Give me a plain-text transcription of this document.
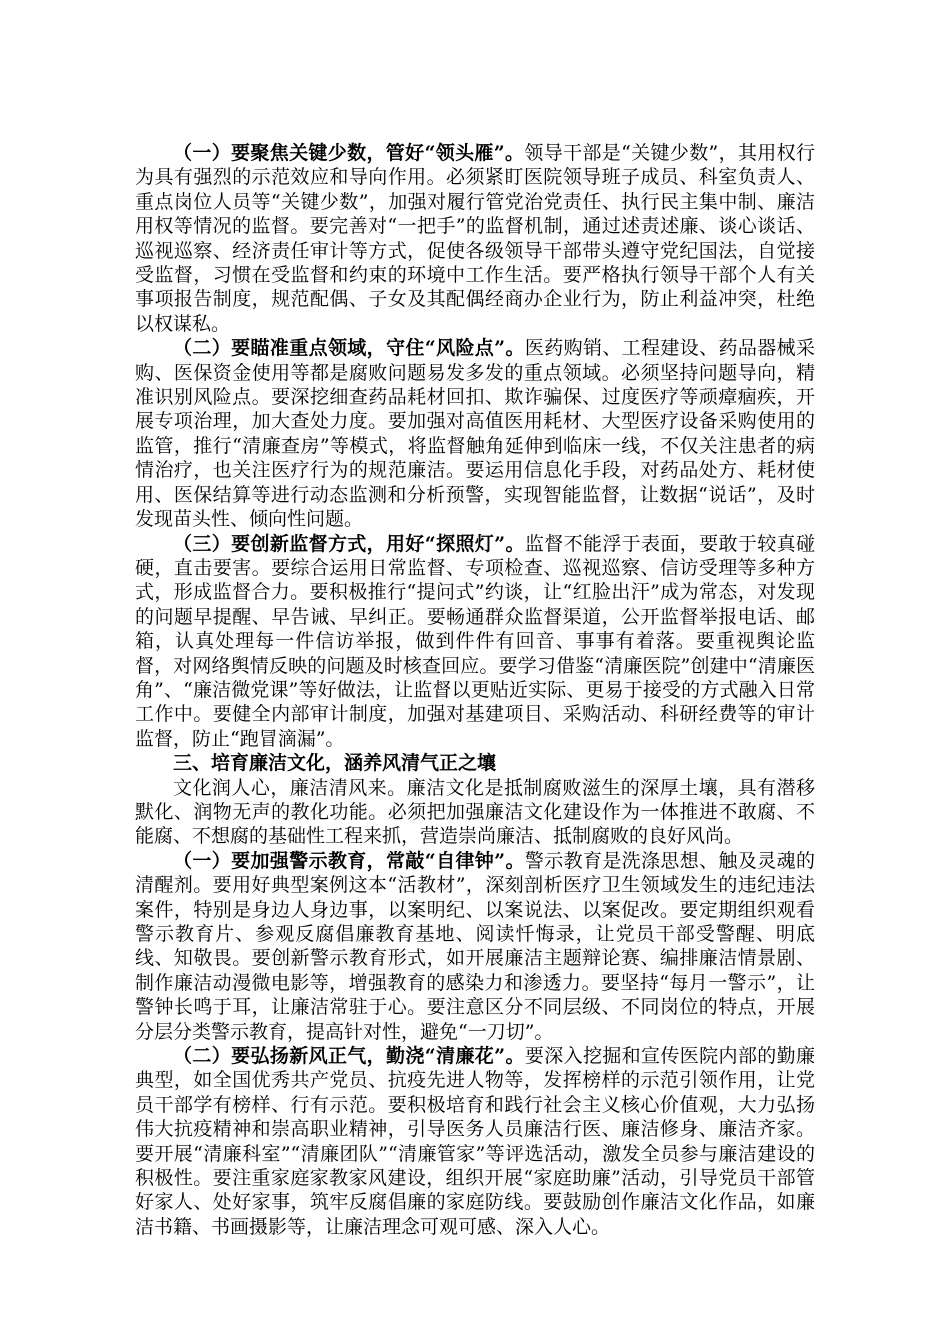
（一）要聚焦关键少数，管好“领头雁”。领导干部是“关键少数”，其用权行为具有强烈的示范效应和导向作用。必须紧盯医院领导班子成员、科室负责人、重点岗位人员等“关键少数”，加强对履行管党治党责任、执行民主集中制、廉洁用权等情况的监督。要完善对“一把手”的监督机制，通过述责述廉、谈心谈话、巡视巡察、经济责任审计等方式，促使各级领导干部带头遵守党纪国法，自觉接受监督，习惯在受监督和约束的环境中工作生活。要严格执行领导干部个人有关事项报告制度，规范配偶、子女及其配偶经商办企业行为，防止利益冲突，杜绝以权谋私。

（二）要瞄准重点领域，守住“风险点”。医药购销、工程建设、药品器械采购、医保资金使用等都是腐败问题易发多发的重点领域。必须坚持问题导向，精准识别风险点。要深挖细查药品耗材回扣、欺诈骗保、过度医疗等顽瘴痼疾，开展专项治理，加大查处力度。要加强对高值医用耗材、大型医疗设备采购使用的监管，推行“清廉查房”等模式，将监督触角延伸到临床一线，不仅关注患者的病情治疗，也关注医疗行为的规范廉洁。要运用信息化手段，对药品处方、耗材使用、医保结算等进行动态监测和分析预警，实现智能监督，让数据“说话”，及时发现苗头性、倾向性问题。

（三）要创新监督方式，用好“探照灯”。监督不能浮于表面，要敢于较真碰硬，直击要害。要综合运用日常监督、专项检查、巡视巡察、信访受理等多种方式，形成监督合力。要积极推行“提问式”约谈，让“红脸出汗”成为常态，对发现的问题早提醒、早告诫、早纠正。要畅通群众监督渠道，公开监督举报电话、邮箱，认真处理每一件信访举报，做到件件有回音、事事有着落。要重视舆论监督，对网络舆情反映的问题及时核查回应。要学习借鉴“清廉医院”创建中“清廉医角”、“廉洁微党课”等好做法，让监督以更贴近实际、更易于接受的方式融入日常工作中。要健全内部审计制度，加强对基建项目、采购活动、科研经费等的审计监督，防止“跑冒滴漏”。

三、培育廉洁文化，涵养风清气正之壤

文化润人心，廉洁清风来。廉洁文化是抵制腐败滋生的深厚土壤，具有潜移默化、润物无声的教化功能。必须把加强廉洁文化建设作为一体推进不敢腐、不能腐、不想腐的基础性工程来抓，营造崇尚廉洁、抵制腐败的良好风尚。

（一）要加强警示教育，常敲“自律钟”。警示教育是洗涤思想、触及灵魂的清醒剂。要用好典型案例这本“活教材”，深刻剖析医疗卫生领域发生的违纪违法案件，特别是身边人身边事，以案明纪、以案说法、以案促改。要定期组织观看警示教育片、参观反腐倡廉教育基地、阅读忏悔录，让党员干部受警醒、明底线、知敬畏。要创新警示教育形式，如开展廉洁主题辩论赛、编排廉洁情景剧、制作廉洁动漫微电影等，增强教育的感染力和渗透力。要坚持“每月一警示”，让警钟长鸣于耳，让廉洁常驻于心。要注意区分不同层级、不同岗位的特点，开展分层分类警示教育，提高针对性，避免“一刀切”。

（二）要弘扬新风正气，勤浇“清廉花”。要深入挖掘和宣传医院内部的勤廉典型，如全国优秀共产党员、抗疫先进人物等，发挥榜样的示范引领作用，让党员干部学有榜样、行有示范。要积极培育和践行社会主义核心价值观，大力弘扬伟大抗疫精神和崇高职业精神，引导医务人员廉洁行医、廉洁修身、廉洁齐家。要开展“清廉科室”“清廉团队”“清廉管家”等评选活动，激发全员参与廉洁建设的积极性。要注重家庭家教家风建设，组织开展“家庭助廉”活动，引导党员干部管好家人、处好家事，筑牢反腐倡廉的家庭防线。要鼓励创作廉洁文化作品，如廉洁书籍、书画摄影等，让廉洁理念可观可感、深入人心。
